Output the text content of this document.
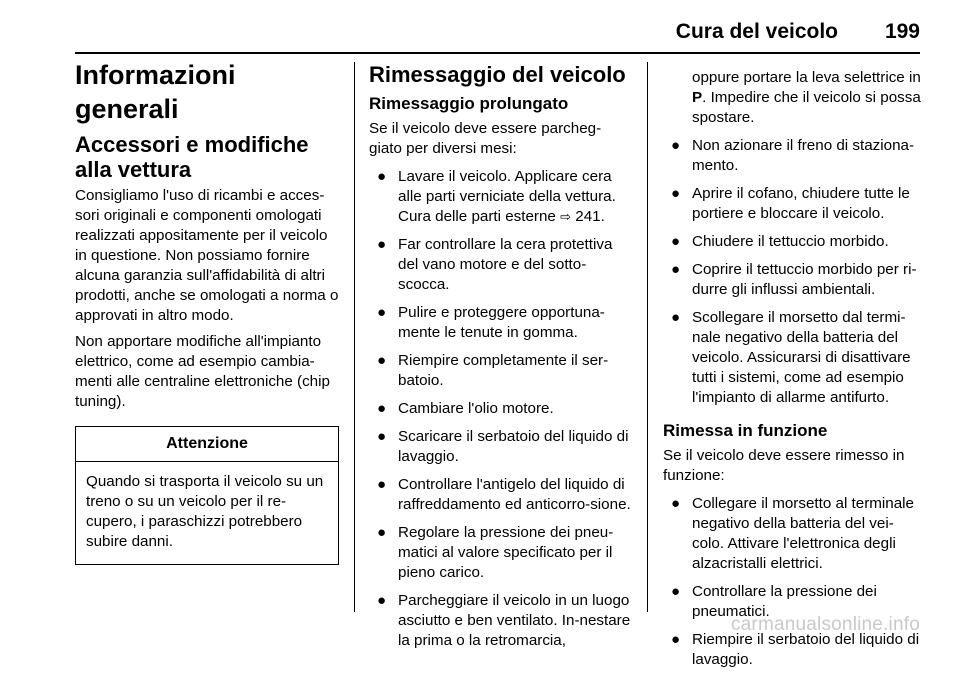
Cura del veicolo 199
Informazioni generali
Accessori e modifiche alla vettura

Consigliamo l'uso di ricambi e acces-sori originali e componenti omologati realizzati appositamente per il veicolo in questione. Non possiamo fornire alcuna garanzia sull'affidabilità di altri prodotti, anche se omologati a norma o approvati in altro modo.

Non apportare modifiche all'impianto elettrico, come ad esempio cambia-menti alle centraline elettroniche (chip tuning).

Attenzione
Quando si trasporta il veicolo su un treno o su un veicolo per il re-cupero, i paraschizzi potrebbero subire danni.
Rimessaggio del veicolo
Rimessaggio prolungato

Se il veicolo deve essere parcheg-giato per diversi mesi:

● Lavare il veicolo. Applicare cera alle parti verniciate della vettura. Cura delle parti esterne ⇨ 241.
● Far controllare la cera protettiva del vano motore e del sotto-scocca.
● Pulire e proteggere opportuna-mente le tenute in gomma.
● Riempire completamente il ser-batoio.
● Cambiare l'olio motore.
● Scaricare il serbatoio del liquido di lavaggio.
● Controllare l'antigelo del liquido di raffreddamento ed anticorro-sione.
● Regolare la pressione dei pneu-matici al valore specificato per il pieno carico.
● Parcheggiare il veicolo in un luogo asciutto e ben ventilato. In-nestare la prima o la retromarcia,
oppure portare la leva selettrice in P. Impedire che il veicolo si possa spostare.
● Non azionare il freno di staziona-mento.
● Aprire il cofano, chiudere tutte le portiere e bloccare il veicolo.
● Chiudere il tettuccio morbido.
● Coprire il tettuccio morbido per ri-durre gli influssi ambientali.
● Scollegare il morsetto dal termi-nale negativo della batteria del veicolo. Assicurarsi di disattivare tutti i sistemi, come ad esempio l'impianto di allarme antifurto.
Rimessa in funzione

Se il veicolo deve essere rimesso in funzione:

● Collegare il morsetto al terminale negativo della batteria del vei-colo. Attivare l'elettronica degli alzacristalli elettrici.
● Controllare la pressione dei pneumatici.
● Riempire il serbatoio del liquido di lavaggio.
carmanualsonline.info
